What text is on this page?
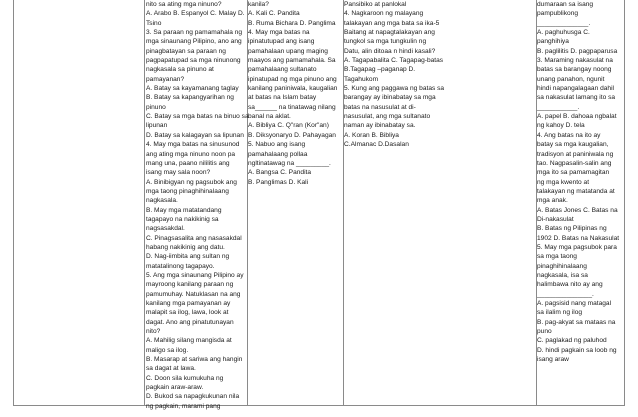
nito sa ating mga ninuno?
A. Arabo B. Espanyol C. Malay D.
Tsino
3. Sa paraan ng pamamahala ng
mga sinaunang Pilipino, ano ang
pinagbatayan sa paraan ng
pagpapatupad sa mga ninunong
nagkasala sa pinuno at
pamayanan?
A. Batay sa kayamanang taglay
B. Batay sa kapangyarihan ng
pinuno
C. Batay sa mga batas na binuo sa
lipunan
D. Batay sa kalagayan sa lipunan
4. May mga batas na sinusunod
ang ating mga ninuno noon pa
mang una, paano nililitis ang
isang may sala noon?
A. Binibigyan ng pagsubok ang
mga taong pinaghihinalaang
nagkasala.
B. May mga matatandang
tagapayo na nakikinig sa
nagsasakdal.
C. Pinagsasalita ang nasasakdal
habang nakikinig ang datu.
D. Nag-iimbita ang sultan ng
matatalinong tagapayo.
5. Ang mga sinaunang Pilipino ay
mayroong kanilang paraan ng
pamumuhay. Natuklasan na ang
kanilang mga pamayanan ay
malapit sa ilog, lawa, look at
dagat. Ano ang pinatutunayan
nito?
A. Mahilig silang mangisda at
maligo sa ilog.
B. Masarap at sariwa ang hangin
sa dagat at lawa.
C. Doon sila kumukuha ng
pagkain araw-araw.
D. Bukod sa napagkukunan nila
ng pagkain, marami pang
kanila?
A. Kali C. Pandita
B. Ruma Bichara D. Panglima
4. May mga batas na
ipinatutupad ang isang
pamahalaan upang maging
maayos ang pamamahala. Sa
pamahalaang sultanato
ipinatupad ng mga pinuno ang
kanilang paniniwala, kaugalian
at batas na Islam batay
sa______ na tinatawag nilang
banal na aklat.
A. Bibliya C. Q"ran (Kor"an)
B. Diksyonaryo D. Pahayagan
5. Nabuo ang isang
pamahalaang pollaa
ngltinatawag na _________.
A. Bangsa C. Pandita
B. Panglimas D. Kali
Pansibiko at panlokal
4. Nagkaroon ng malayang
talakayan ang mga bata sa ika-5
Baitang at napagtalakayan ang
tungkol sa mga tungkulin ng
Datu, alin ditoaa n hindi kasali?
A. Tagapabalita C. Tagapag-batas
B.Tagapag –paganap D.
Tagahukom
5. Kung ang paggawa ng batas sa
barangay ay ibinabatay sa mga
batas na nasusulat at di-
nasusulat, ang mga sultanato
naman ay ibinabatay sa.
A. Koran B. Bibliya
C.Almanac D.Dasalan
dumaraan sa isang
pampublikong
______________.
A. paghuhusga C.
panghihiya
B. paglilitis D. pagpaparusa
3. Maraming nakasulat na
batas sa barangay noong
unang panahon, ngunit
hindi napangalagaan dahil
sa nakasulat lamang ito sa
___________.
A. papel B. dahoaa ngbalat
ng kahoy D. tela
4. Ang batas na ito ay
batay sa mga kaugalian,
tradisyon at paniniwala ng
tao. Nagpasalin-salin ang
mga ito sa pamamagitan
ng mga kwento at
talakayan ng matatanda at
mga anak.
A. Batas Jones C. Batas na
Di-nakasulat
B. Batas ng Pilipinas ng
1902 D. Batas na Nakasulat
5. May mga pagsubok para
sa mga taong
pinaghihinalaang
nagkasala, isa sa
halimbawa nito ay ang
_______________.
A. pagsisid nang matagal
sa ilalim ng ilog
B. pag-akyat sa mataas na
puno
C. paglakad ng paluhod
D. hindi pagkain sa loob ng
isang araw
